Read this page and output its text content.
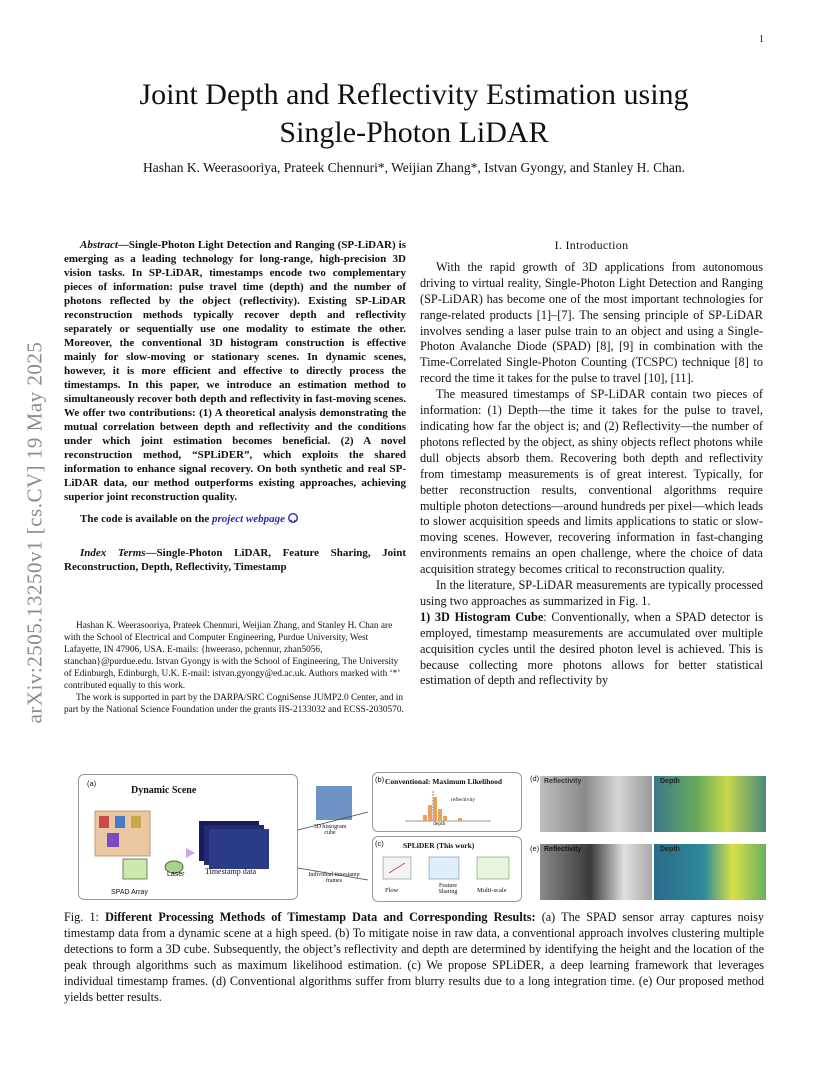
1
arXiv:2505.13250v1 [cs.CV] 19 May 2025
Joint Depth and Reflectivity Estimation using
Single-Photon LiDAR
Hashan K. Weerasooriya, Prateek Chennuri*, Weijian Zhang*, Istvan Gyongy, and Stanley H. Chan.

Abstract—Single-Photon Light Detection and Ranging (SP-LiDAR) is emerging as a leading technology for long-range, high-precision 3D vision tasks. In SP-LiDAR, timestamps encode two complementary pieces of information: pulse travel time (depth) and the number of photons reflected by the object (reflectivity). Existing SP-LiDAR reconstruction methods typically recover depth and reflectivity separately or sequentially use one modality to estimate the other. Moreover, the conventional 3D histogram construction is effective mainly for slow-moving or stationary scenes. In dynamic scenes, however, it is more efficient and effective to directly process the timestamps. In this paper, we introduce an estimation method to simultaneously recover both depth and reflectivity in fast-moving scenes. We offer two contributions: (1) A theoretical analysis demonstrating the mutual correlation between depth and reflectivity and the conditions under which joint estimation becomes beneficial. (2) A novel reconstruction method, “SPLiDER”, which exploits the shared information to enhance signal recovery. On both synthetic and real SP-LiDAR data, our method outperforms existing approaches, achieving superior joint reconstruction quality.

The code is available on the project webpage

Index Terms—Single-Photon LiDAR, Feature Sharing, Joint Reconstruction, Depth, Reflectivity, Timestamp

Hashan K. Weerasooriya, Prateek Chennuri, Weijian Zhang, and Stanley H. Chan are with the School of Electrical and Computer Engineering, Purdue University, West Lafayette, IN 47906, USA. E-mails: {hweeraso, pchennur, zhan5056, stanchan}@purdue.edu. Istvan Gyongy is with the School of Engineering, The University of Edinburgh, Edinburgh, U.K. E-mail: istvan.gyongy@ed.ac.uk. Authors marked with ‘*’ contributed equally to this work.

The work is supported in part by the DARPA/SRC CogniSense JUMP2.0 Center, and in part by the National Science Foundation under the grants IIS-2133032 and ECSS-2030570.

I. Introduction

With the rapid growth of 3D applications from autonomous driving to virtual reality, Single-Photon Light Detection and Ranging (SP-LiDAR) has become one of the most important technologies for range-related products [1]–[7]. The sensing principle of SP-LiDAR involves sending a laser pulse train to an object and using a Single-Photon Avalanche Diode (SPAD) [8], [9] in combination with the Time-Correlated Single-Photon Counting (TCSPC) technique [8] to record the time it takes for the pulse to travel [10], [11].

The measured timestamps of SP-LiDAR contain two pieces of information: (1) Depth—the time it takes for the pulse to travel, indicating how far the object is; and (2) Reflectivity—the number of photons reflected by the object, as shiny objects reflect photons while dull objects absorb them. Recovering both depth and reflectivity from timestamp measurements is of great interest. Typically, for better reconstruction results, conventional algorithms require multiple photon detections—around hundreds per pixel—which leads to slower acquisition speeds and limits applications to static or slow-moving scenes. However, recovering information in fast-changing environments remains an open challenge, where the choice of data acquisition strategy becomes critical to reconstruction quality.

In the literature, SP-LiDAR measurements are typically processed using two approaches as summarized in Fig. 1.

1) 3D Histogram Cube: Conventionally, when a SPAD detector is employed, timestamp measurements are accumulated over multiple acquisition cycles until the desired photon level is achieved. This is because collecting more photons allows for better statistical estimation of depth and reflectivity by

(a)
Dynamic Scene
Laser	Timestamp data
SPAD Array
3D histogram cube
Individual timestamp frames
(b) Conventional: Maximum Likelihood
reflectivity
depth
(c)	SPLiDER (This work)
Flow
Feature Sharing	Multi-scale
(d) Reflectivity	Depth
(e) Reflectivity	Depth
Fig. 1: Different Processing Methods of Timestamp Data and Corresponding Results: (a) The SPAD sensor array captures noisy timestamp data from a dynamic scene at a high speed. (b) To mitigate noise in raw data, a conventional approach involves clustering multiple detections to form a 3D cube. Subsequently, the object’s reflectivity and depth are determined by identifying the height and the location of the peak through algorithms such as maximum likelihood estimation. (c) We propose SPLiDER, a deep learning framework that leverages individual timestamp frames. (d) Conventional algorithms suffer from blurry results due to a long integration time. (e) Our proposed method yields better results.
